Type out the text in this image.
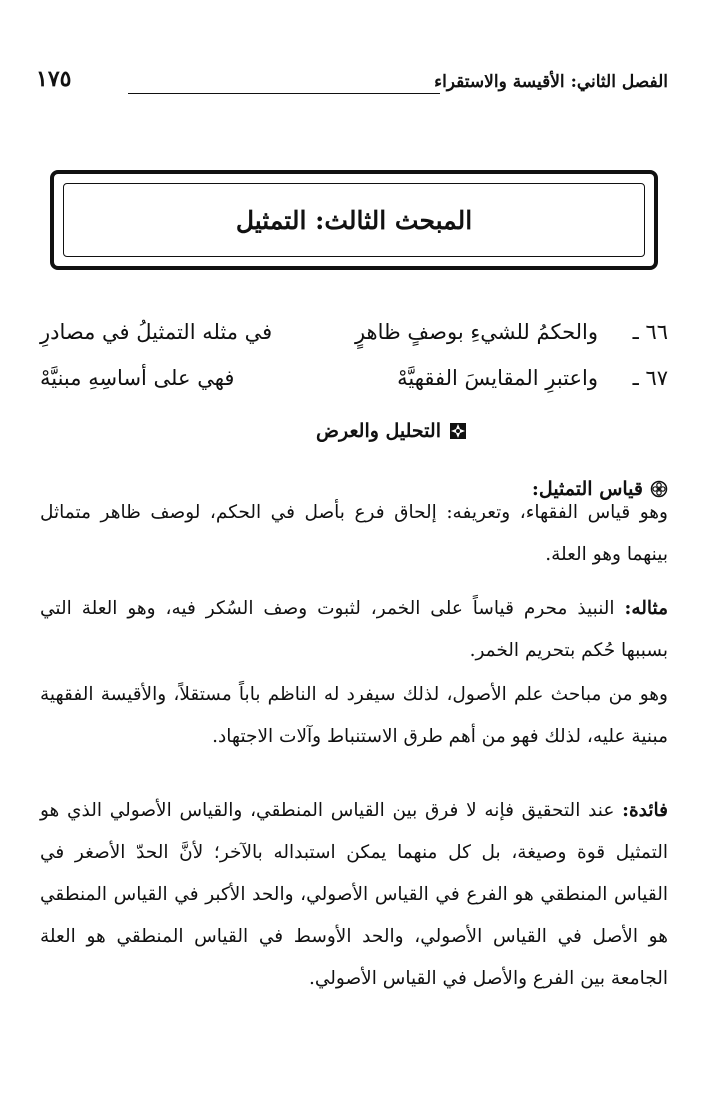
الفصل الثاني: الأقيسة والاستقراء
١٧٥
المبحث الثالث: التمثيل
٦٦ ـ
والحكمُ للشيءِ بوصفٍ ظاهرٍ
في مثله التمثيلُ في مصادرِ
٦٧ ـ
واعتبرِ المقايسَ الفقهيَّهْ
فهي على أساسِهِ مبنيَّهْ
التحليل والعرض
قياس التمثيل:

وهو قياس الفقهاء، وتعريفه: إلحاق فرع بأصل في الحكم، لوصف ظاهر متماثل بينهما وهو العلة.

مثاله: النبيذ محرم قياساً على الخمر، لثبوت وصف السُكر فيه، وهو العلة التي بسببها حُكم بتحريم الخمر.

وهو من مباحث علم الأصول، لذلك سيفرد له الناظم باباً مستقلاً، والأقيسة الفقهية مبنية عليه، لذلك فهو من أهم طرق الاستنباط وآلات الاجتهاد.

فائدة: عند التحقيق فإنه لا فرق بين القياس المنطقي، والقياس الأصولي الذي هو التمثيل قوة وصيغة، بل كل منهما يمكن استبداله بالآخر؛ لأنَّ الحدّ الأصغر في القياس المنطقي هو الفرع في القياس الأصولي، والحد الأكبر في القياس المنطقي هو الأصل في القياس الأصولي، والحد الأوسط في القياس المنطقي هو العلة الجامعة بين الفرع والأصل في القياس الأصولي.
